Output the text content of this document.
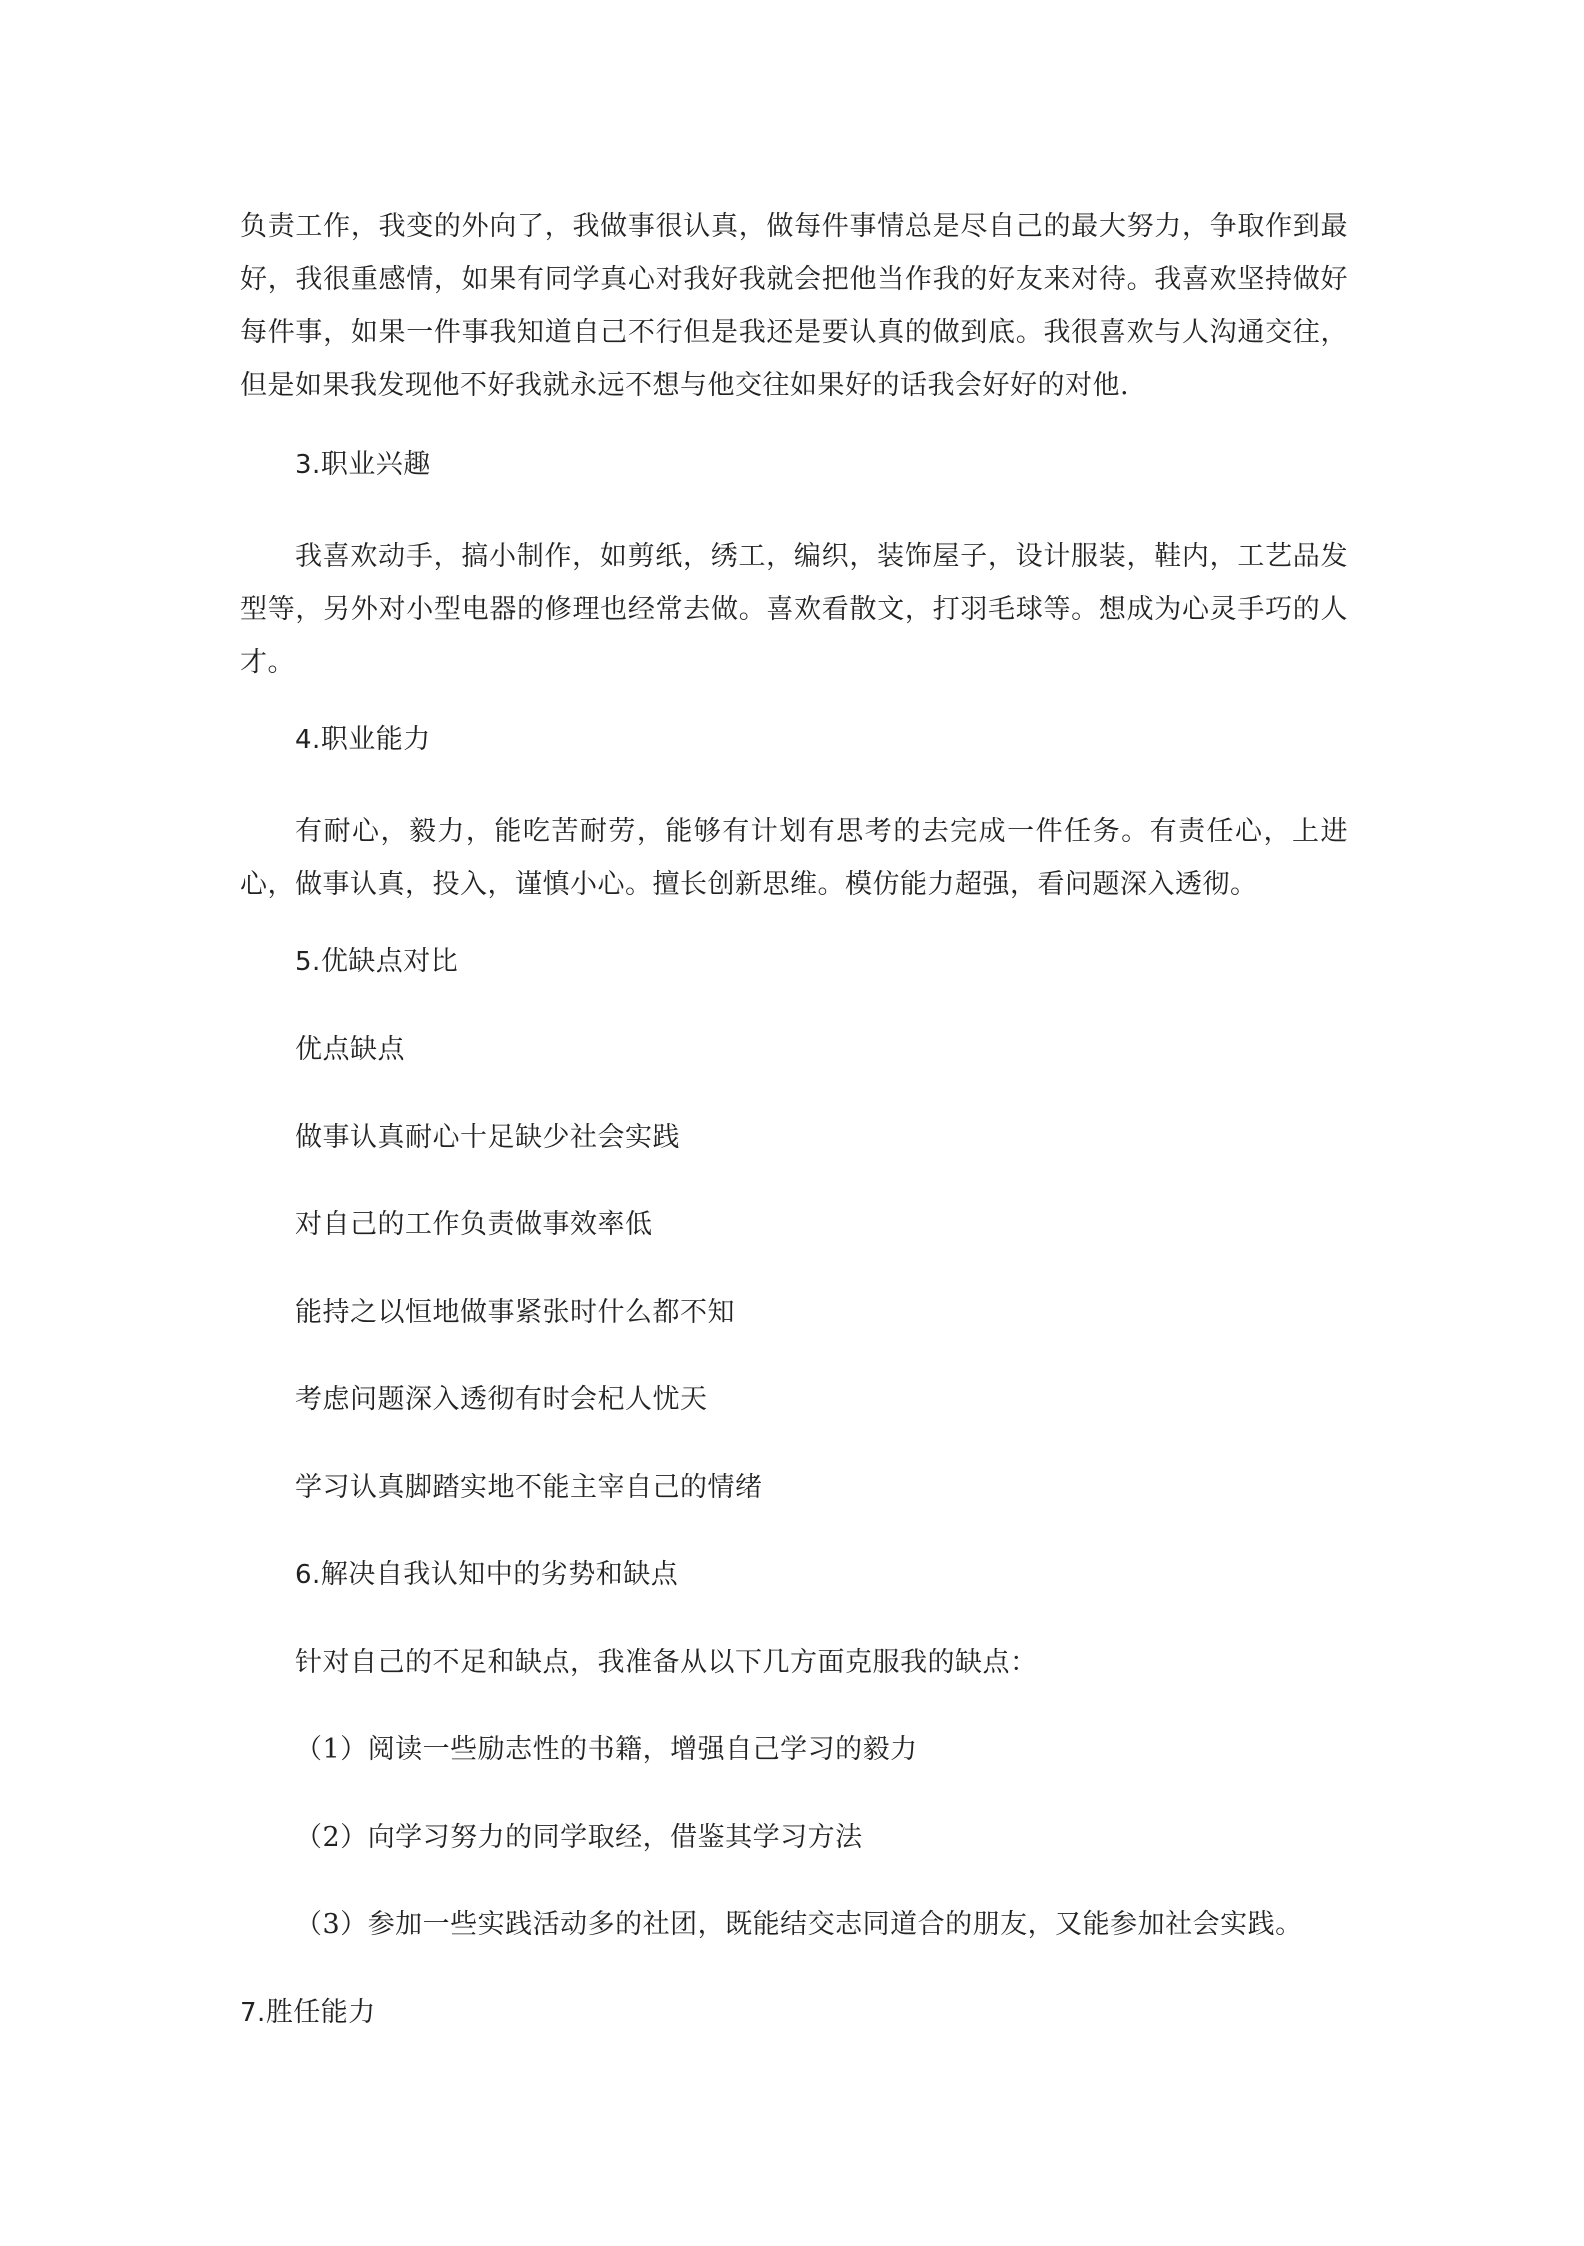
负责工作，我变的外向了，我做事很认真，做每件事情总是尽自己的最大努力，争取作到最好，我很重感情，如果有同学真心对我好我就会把他当作我的好友来对待。我喜欢坚持做好每件事，如果一件事我知道自己不行但是我还是要认真的做到底。我很喜欢与人沟通交往，但是如果我发现他不好我就永远不想与他交往如果好的话我会好好的对他.

3.职业兴趣

我喜欢动手，搞小制作，如剪纸，绣工，编织，装饰屋子，设计服装，鞋内，工艺品发型等，另外对小型电器的修理也经常去做。喜欢看散文，打羽毛球等。想成为心灵手巧的人才。

4.职业能力

有耐心，毅力，能吃苦耐劳，能够有计划有思考的去完成一件任务。有责任心，上进心，做事认真，投入，谨慎小心。擅长创新思维。模仿能力超强，看问题深入透彻。

5.优缺点对比

优点缺点

做事认真耐心十足缺少社会实践

对自己的工作负责做事效率低

能持之以恒地做事紧张时什么都不知

考虑问题深入透彻有时会杞人忧天

学习认真脚踏实地不能主宰自己的情绪

6.解决自我认知中的劣势和缺点

针对自己的不足和缺点，我准备从以下几方面克服我的缺点：

（1）阅读一些励志性的书籍，增强自己学习的毅力

（2）向学习努力的同学取经，借鉴其学习方法

（3）参加一些实践活动多的社团，既能结交志同道合的朋友，又能参加社会实践。

7.胜任能力
